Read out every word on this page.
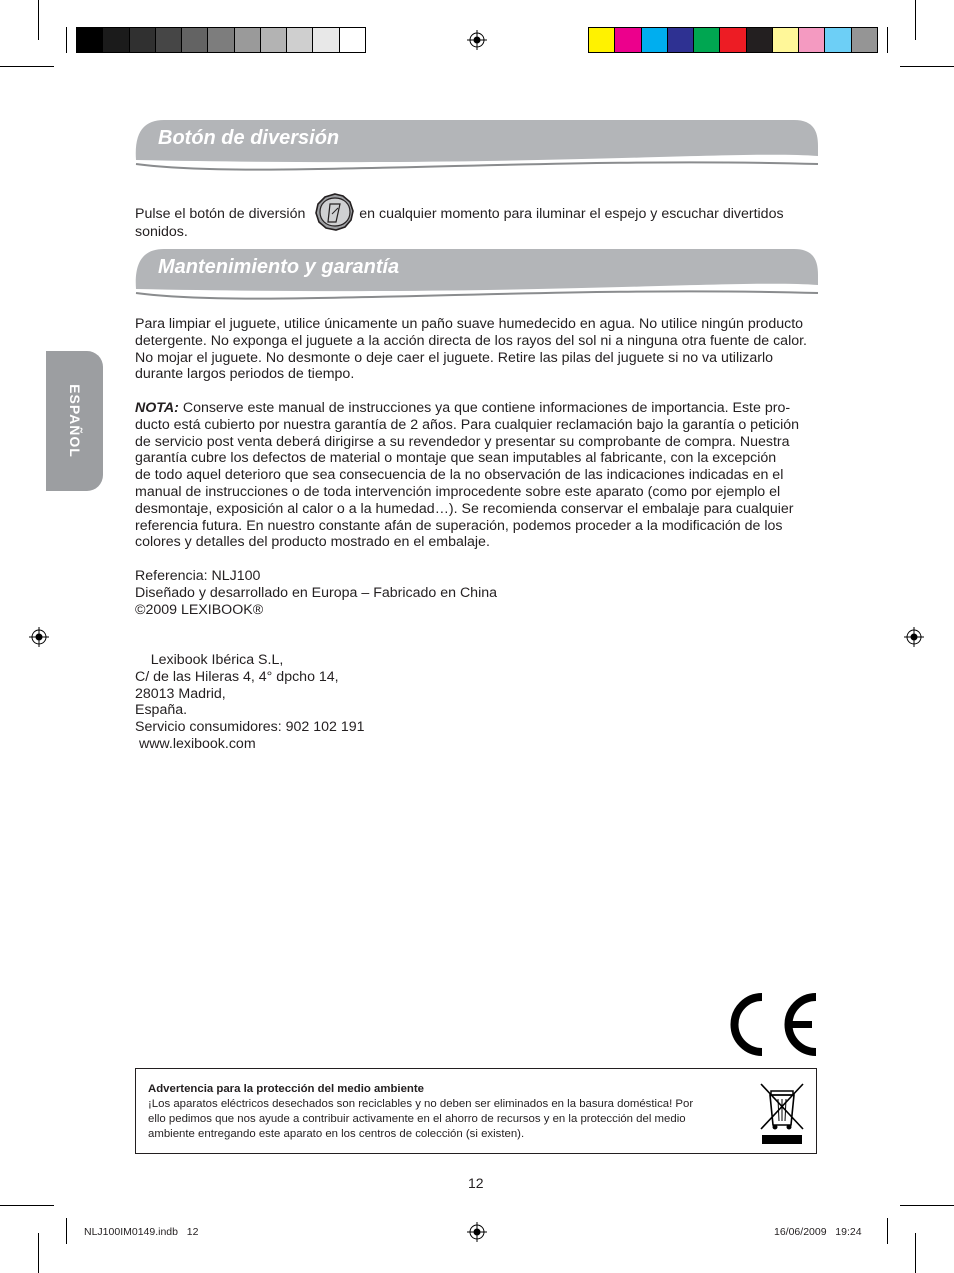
ESPAÑOL
Botón de diversión

Pulse el botón de diversión	en cualquier momento para iluminar el espejo y escuchar divertidos
sonidos.

Mantenimiento y garantía

Para limpiar el juguete, utilice únicamente un paño suave humedecido en agua. No utilice ningún producto
detergente. No exponga el juguete a la acción directa de los rayos del sol ni a ninguna otra fuente de calor.
No mojar el juguete. No desmonte o deje caer el juguete. Retire las pilas del juguete si no va utilizarlo
durante largos periodos de tiempo.

NOTA: Conserve este manual de instrucciones ya que contiene informaciones de importancia. Este pro-
ducto está cubierto por nuestra garantía de 2 años. Para cualquier reclamación bajo la garantía o petición
de servicio post venta deberá dirigirse a su revendedor y presentar su comprobante de compra. Nuestra
garantía cubre los defectos de material o montaje que sean imputables al fabricante, con la excepción
de todo aquel deterioro que sea consecuencia de la no observación de las indicaciones indicadas en el
manual de instrucciones o de toda intervención improcedente sobre este aparato (como por ejemplo el
desmontaje, exposición al calor o a la humedad…). Se recomienda conservar el embalaje para cualquier
referencia futura. En nuestro constante afán de superación, podemos proceder a la modificación de los
colores y detalles del producto mostrado en el embalaje.

Referencia: NLJ100
Diseñado y desarrollado en Europa – Fabricado en China
©2009 LEXIBOOK®

Lexibook Ibérica S.L,
C/ de las Hileras 4, 4° dpcho 14,
28013 Madrid,
España.
Servicio consumidores: 902 102 191
www.lexibook.com

Advertencia para la protección del medio ambiente
¡Los aparatos eléctricos desechados son reciclables y no deben ser eliminados en la basura doméstica! Por
ello pedimos que nos ayude a contribuir activamente en el ahorro de recursos y en la protección del medio
ambiente entregando este aparato en los centros de colección (si existen).
12
NLJ100IM0149.indb   12	16/06/2009   19:24
